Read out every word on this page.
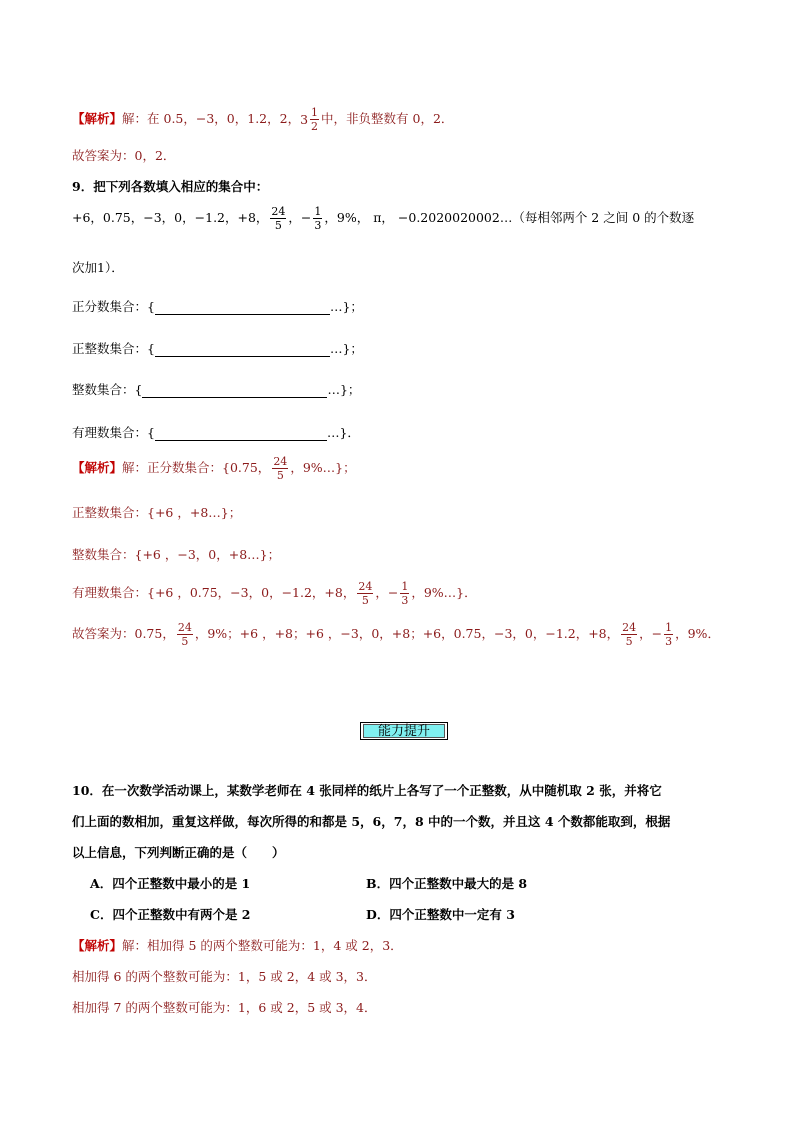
【解析】解：在 0.5，−3，0，1.2，2，$3 \frac{1}{2}$ 中，非负整数有 0，2．
故答案为：0，2．
9．把下列各数填入相应的集合中：
+6，0.75，−3，0，−1.2，+8， $\frac{24}{5}$ ，− $\frac{1}{3}$ ，9%， π， −0.2020020002…（每相邻两个 2 之间 0 的个数逐
次加1）．
正分数集合：{	…}；
正整数集合：{	…}；
整数集合：{	…}；
有理数集合：{	…}．
【解析】解：正分数集合：{0.75， $\frac{24}{5}$ ，9%…}；
正整数集合：{+6 ，+8…}；
整数集合：{+6 ，−3，0，+8…}；
有理数集合：{+6 ，0.75，−3，0，−1.2，+8， $\frac{24}{5}$ ，− $\frac{1}{3}$ ，9%…}．
故答案为：0.75， $\frac{24}{5}$ ，9%；+6 ，+8；+6 ，−3，0，+8；+6，0.75，−3，0，−1.2，+8， $\frac{24}{5}$ ，− $\frac{1}{3}$ ，9%．
能力提升
10．在一次数学活动课上，某数学老师在 4 张同样的纸片上各写了一个正整数，从中随机取 2 张，并将它
们上面的数相加，重复这样做，每次所得的和都是 5，6，7，8 中的一个数，并且这 4 个数都能取到，根据
以上信息，下列判断正确的是（　　）
A．四个正整数中最小的是 1	B．四个正整数中最大的是 8
C．四个正整数中有两个是 2	D．四个正整数中一定有 3
【解析】解：相加得 5 的两个整数可能为：1，4 或 2，3．
相加得 6 的两个整数可能为：1，5 或 2，4 或 3，3．
相加得 7 的两个整数可能为：1，6 或 2，5 或 3，4．
